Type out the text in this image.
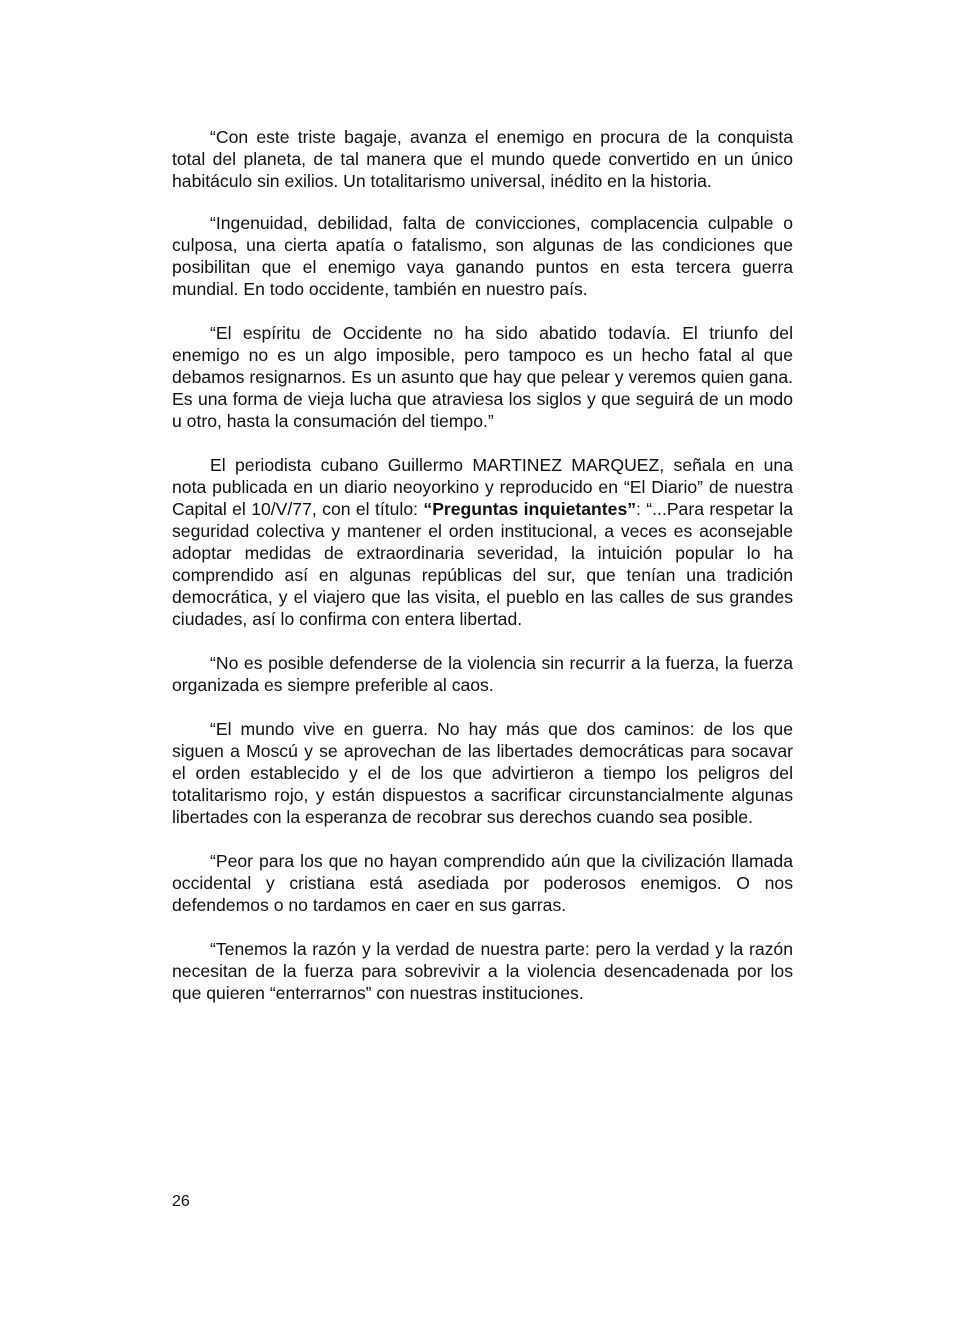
“Con este triste bagaje, avanza el enemigo en procura de la conquista total del planeta, de tal manera que el mundo quede convertido en un único habitáculo sin exilios. Un totalitarismo universal, inédito en la historia.

“Ingenuidad, debilidad, falta de convicciones, complacencia culpable o culposa, una cierta apatía o fatalismo, son algunas de las condiciones que posibilitan que el enemigo vaya ganando puntos en esta tercera guerra mundial. En todo occidente, también en nuestro país.

“El espíritu de Occidente no ha sido abatido todavía. El triunfo del enemigo no es un algo imposible, pero tampoco es un hecho fatal al que debamos resignarnos. Es un asunto que hay que pelear y veremos quien gana. Es una forma de vieja lucha que atraviesa los siglos y que seguirá de un modo u otro, hasta la consumación del tiempo.”

El periodista cubano Guillermo MARTINEZ MARQUEZ, señala en una nota publicada en un diario neoyorkino y reproducido en “El Diario” de nuestra Capital el 10/V/77, con el título: “Preguntas inquietantes”: “...Para respetar la seguridad colectiva y mantener el orden institucional, a veces es aconsejable adoptar medidas de extraordinaria severidad, la intuición popular lo ha comprendido así en algunas repúblicas del sur, que tenían una tradición democrática, y el viajero que las visita, el pueblo en las calles de sus grandes ciudades, así lo confirma con entera libertad.

“No es posible defenderse de la violencia sin recurrir a la fuerza, la fuerza organizada es siempre preferible al caos.

“El mundo vive en guerra. No hay más que dos caminos: de los que siguen a Moscú y se aprovechan de las libertades democráticas para socavar el orden establecido y el de los que advirtieron a tiempo los peligros del totalitarismo rojo, y están dispuestos a sacrificar circunstancialmente algunas libertades con la esperanza de recobrar sus derechos cuando sea posible.

“Peor para los que no hayan comprendido aún que la civilización llamada occidental y cristiana está asediada por poderosos enemigos. O nos defendemos o no tardamos en caer en sus garras.

“Tenemos la razón y la verdad de nuestra parte: pero la verdad y la razón necesitan de la fuerza para sobrevivir a la violencia desencadenada por los que quieren “enterrarnos” con nuestras instituciones.

26
